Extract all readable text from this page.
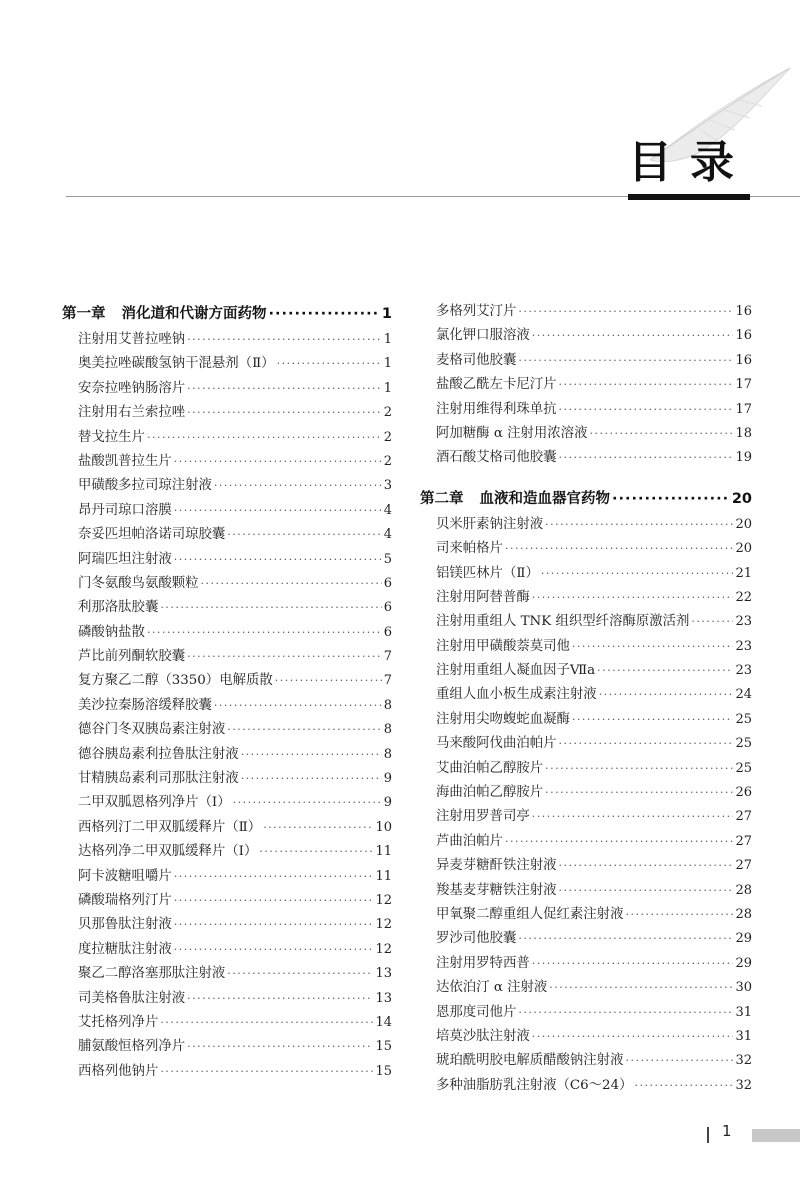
目录
第一章 消化道和代谢方面药物 ·····	1
注射用艾普拉唑钠 ·····	1
奥美拉唑碳酸氢钠干混悬剂（Ⅱ） ·····	1
安奈拉唑钠肠溶片 ·····	1
注射用右兰索拉唑 ·····	2
替戈拉生片 ·····	2
盐酸凯普拉生片 ·····	2
甲磺酸多拉司琼注射液 ·····	3
昂丹司琼口溶膜 ·····	4
奈妥匹坦帕洛诺司琼胶囊 ·····	4
阿瑞匹坦注射液 ·····	5
门冬氨酸鸟氨酸颗粒 ·····	6
利那洛肽胶囊 ·····	6
磷酸钠盐散 ·····	6
芦比前列酮软胶囊 ·····	7
复方聚乙二醇（3350）电解质散 ·····	7
美沙拉秦肠溶缓释胶囊 ·····	8
德谷门冬双胰岛素注射液 ·····	8
德谷胰岛素利拉鲁肽注射液 ·····	8
甘精胰岛素利司那肽注射液 ·····	9
二甲双胍恩格列净片（Ⅰ） ·····	9
西格列汀二甲双胍缓释片（Ⅱ） ·····	10
达格列净二甲双胍缓释片（Ⅰ） ·····	11
阿卡波糖咀嚼片 ·····	11
磷酸瑞格列汀片 ·····	12
贝那鲁肽注射液 ·····	12
度拉糖肽注射液 ·····	12
聚乙二醇洛塞那肽注射液 ·····	13
司美格鲁肽注射液 ·····	13
艾托格列净片 ·····	14
脯氨酸恒格列净片 ·····	15
西格列他钠片 ·····	15
多格列艾汀片 ·····	16
氯化钾口服溶液 ·····	16
麦格司他胶囊 ·····	16
盐酸乙酰左卡尼汀片 ·····	17
注射用维得利珠单抗 ·····	17
阿加糖酶 α 注射用浓溶液 ·····	18
酒石酸艾格司他胶囊 ·····	19
第二章 血液和造血器官药物 ·····	20
贝米肝素钠注射液 ·····	20
司来帕格片 ·····	20
铝镁匹林片（Ⅱ） ·····	21
注射用阿替普酶 ·····	22
注射用重组人 TNK 组织型纤溶酶原激活剂 ·····	23
注射用甲磺酸萘莫司他 ·····	23
注射用重组人凝血因子Ⅶa ·····	23
重组人血小板生成素注射液 ·····	24
注射用尖吻蝮蛇血凝酶 ·····	25
马来酸阿伐曲泊帕片 ·····	25
艾曲泊帕乙醇胺片 ·····	25
海曲泊帕乙醇胺片 ·····	26
注射用罗普司亭 ·····	27
芦曲泊帕片 ·····	27
异麦芽糖酐铁注射液 ·····	27
羧基麦芽糖铁注射液 ·····	28
甲氧聚二醇重组人促红素注射液 ·····	28
罗沙司他胶囊 ·····	29
注射用罗特西普 ·····	29
达依泊汀 α 注射液 ·····	30
恩那度司他片 ·····	31
培莫沙肽注射液 ·····	31
琥珀酰明胶电解质醋酸钠注射液 ·····	32
多种油脂肪乳注射液（C6～24） ·····	32
1
